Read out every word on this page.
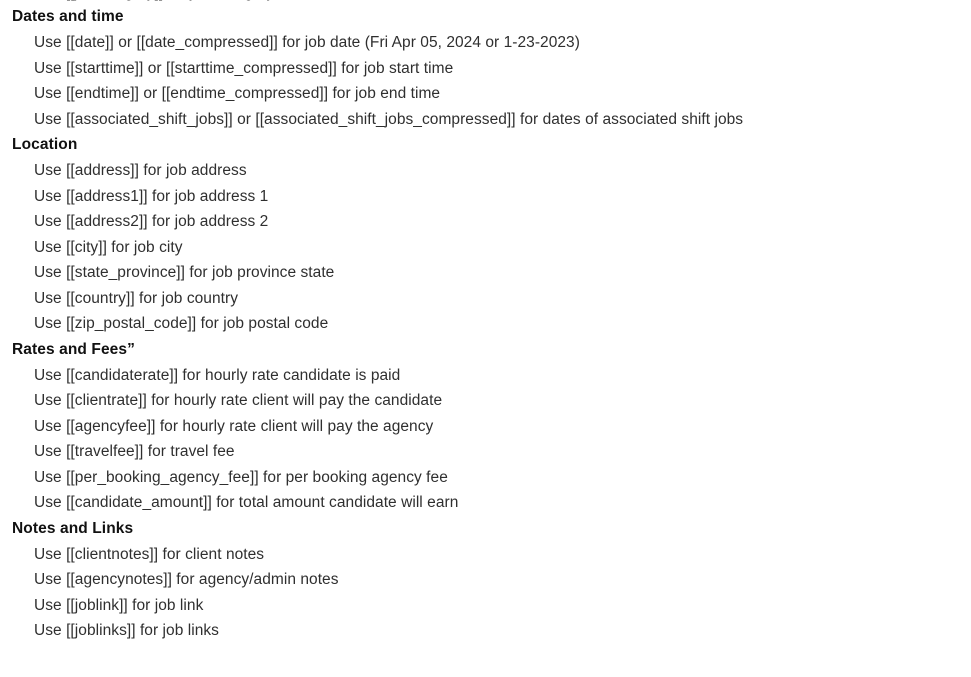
Dates and time
Use [[date]] or [[date_compressed]] for job date (Fri Apr 05, 2024 or 1-23-2023)
Use [[starttime]] or [[starttime_compressed]] for job start time
Use [[endtime]] or [[endtime_compressed]] for job end time
Use [[associated_shift_jobs]] or [[associated_shift_jobs_compressed]] for dates of associated shift jobs
Location
Use [[address]] for job address
Use [[address1]] for job address 1
Use [[address2]] for job address 2
Use [[city]] for job city
Use [[state_province]] for job province state
Use [[country]] for job country
Use [[zip_postal_code]] for job postal code
Rates and Fees”
Use [[candidaterate]] for hourly rate candidate is paid
Use [[clientrate]] for hourly rate client will pay the candidate
Use [[agencyfee]] for hourly rate client will pay the agency
Use [[travelfee]] for travel fee
Use [[per_booking_agency_fee]] for per booking agency fee
Use [[candidate_amount]] for total amount candidate will earn
Notes and Links
Use [[clientnotes]] for client notes
Use [[agencynotes]] for agency/admin notes
Use [[joblink]] for job link
Use [[joblinks]] for job links
